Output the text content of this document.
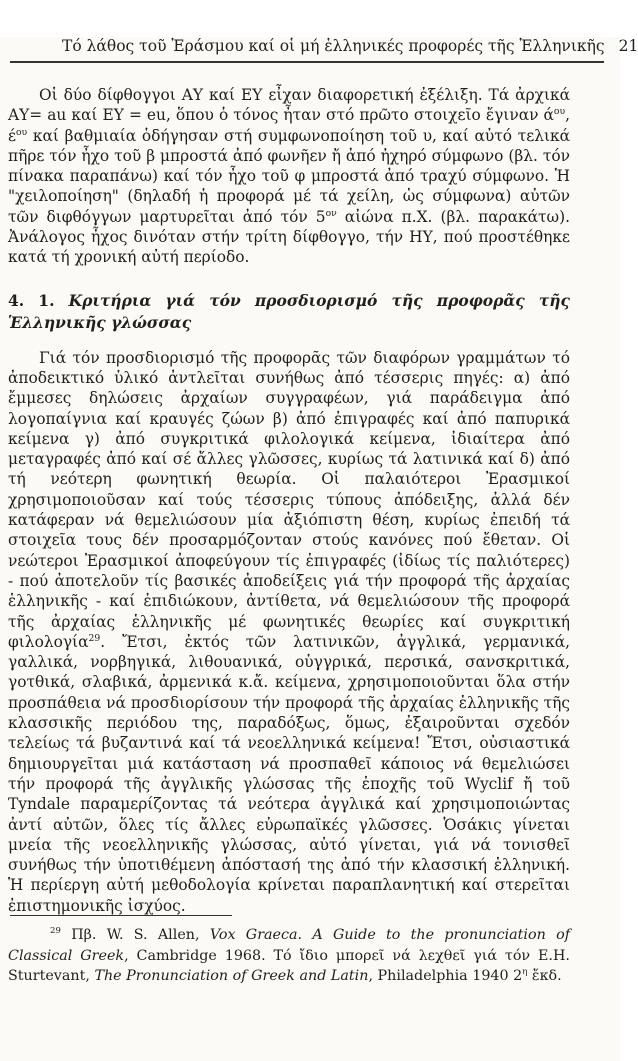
Τό λάθος τοῦ Ἐράσμου καί οἱ μή ἑλληνικές προφορές τῆς Ἑλληνικῆς 21

Οἱ δύο δίφθογγοι ΑΥ καί ΕΥ εἶχαν διαφορετική ἐξέλιξη. Τά ἀρχικά ΑΥ= au καί ΕΥ = eu, ὅπου ὁ τόνος ἦταν στό πρῶτο στοιχεῖο ἔγιναν $ά^{o\upsilon}$, $έ^{o\upsilon}$ καί βαθμιαία ὁδήγησαν στή συμφωνοποίηση τοῦ υ, καί αὐτό τελικά πῆρε τόν ἦχο τοῦ β μπροστά ἀπό φωνῆεν ἤ ἀπό ἠχηρό σύμφωνο (βλ. τόν πίνακα παραπάνω) καί τόν ἦχο τοῦ φ μπροστά ἀπό τραχύ σύμφωνο. Ἡ "χειλοποίηση" (δηλαδή ἡ προφορά μέ τά χείλη, ὡς σύμφωνα) αὐτῶν τῶν διφθόγγων μαρτυρεῖται ἀπό τόν $5^{o\nu}$ αἰώνα π.Χ. (βλ. παρακάτω). Ἀνάλογος ἦχος δινόταν στήν τρίτη δίφθογγο, τήν ΗΥ, πού προστέθηκε κατά τή χρονική αὐτή περίοδο.

4. 1. Κριτήρια γιά τόν προσδιορισμό τῆς προφορᾶς τῆς Ἑλληνικῆς γλώσσας

Γιά τόν προσδιορισμό τῆς προφορᾶς τῶν διαφόρων γραμμάτων τό ἀποδεικτικό ὑλικό ἀντλεῖται συνήθως ἀπό τέσσερις πηγές: α) ἀπό ἔμμεσες δηλώσεις ἀρχαίων συγγραφέων, γιά παράδειγμα ἀπό λογοπαίγνια καί κραυγές ζώων β) ἀπό ἐπιγραφές καί ἀπό παπυρικά κείμενα γ) ἀπό συγκριτικά φιλολογικά κείμενα, ἰδιαίτερα ἀπό μεταγραφές ἀπό καί σέ ἄλλες γλῶσσες, κυρίως τά λατινικά καί δ) ἀπό τή νεότερη φωνητική θεωρία. Οἱ παλαιότεροι Ἐρασμικοί χρησιμοποιοῦσαν καί τούς τέσσερις τύπους ἀπόδειξης, ἀλλά δέν κατάφεραν νά θεμελιώσουν μία ἀξιόπιστη θέση, κυρίως ἐπειδή τά στοιχεῖα τους δέν προσαρμόζονταν στούς κανόνες πού ἔθεταν. Οἱ νεώτεροι Ἐρασμικοί ἀποφεύγουν τίς ἐπιγραφές (ἰδίως τίς παλιότερες) - πού ἀποτελοῦν τίς βασικές ἀποδείξεις γιά τήν προφορά τῆς ἀρχαίας ἑλληνικῆς - καί ἐπιδιώκουν, ἀντίθετα, νά θεμελιώσουν τῆς προφορά τῆς ἀρχαίας ἑλληνικῆς μέ φωνητικές θεωρίες καί συγκριτική φιλολογία$^{29}$. Ἔτσι, ἐκτός τῶν λατινικῶν, ἀγγλικά, γερμανικά, γαλλικά, νορβηγικά, λιθουανικά, οὑγγρικά, περσικά, σανσκριτικά, γοτθικά, σλαβικά, ἀρμενικά κ.ἄ. κείμενα, χρησιμοποιοῦνται ὅλα στήν προσπάθεια νά προσδιορίσουν τήν προφορά τῆς ἀρχαίας ἑλληνικῆς τῆς κλασσικῆς περιόδου της, παραδόξως, ὅμως, ἐξαιροῦνται σχεδόν τελείως τά βυζαντινά καί τά νεοελληνικά κείμενα! Ἔτσι, οὐσιαστικά δημιουργεῖται μιά κατάσταση νά προσπαθεῖ κάποιος νά θεμελιώσει τήν προφορά τῆς ἀγγλικῆς γλώσσας τῆς ἐποχῆς τοῦ Wyclif ἤ τοῦ Tyndale παραμερίζοντας τά νεότερα ἀγγλικά καί χρησιμοποιώντας ἀντί αὐτῶν, ὅλες τίς ἄλλες εὐρωπαϊκές γλῶσσες. Ὁσάκις γίνεται μνεία τῆς νεοελληνικῆς γλώσσας, αὐτό γίνεται, γιά νά τονισθεῖ συνήθως τήν ὑποτιθέμενη ἀπόστασή της ἀπό τήν κλασσική ἑλληνική. Ἡ περίεργη αὐτή μεθοδολογία κρίνεται παραπλανητική καί στερεῖται ἐπιστημονικῆς ἰσχύος.

$^{29}$ Πβ. W. S. Allen, Vox Graeca. A Guide to the pronunciation of Classical Greek, Cambridge 1968. Τό ἴδιο μπορεῖ νά λεχθεῖ γιά τόν E.H. Sturtevant, The Pronunciation of Greek and Latin, Philadelphia 1940 $2^\eta$ ἔκδ.
